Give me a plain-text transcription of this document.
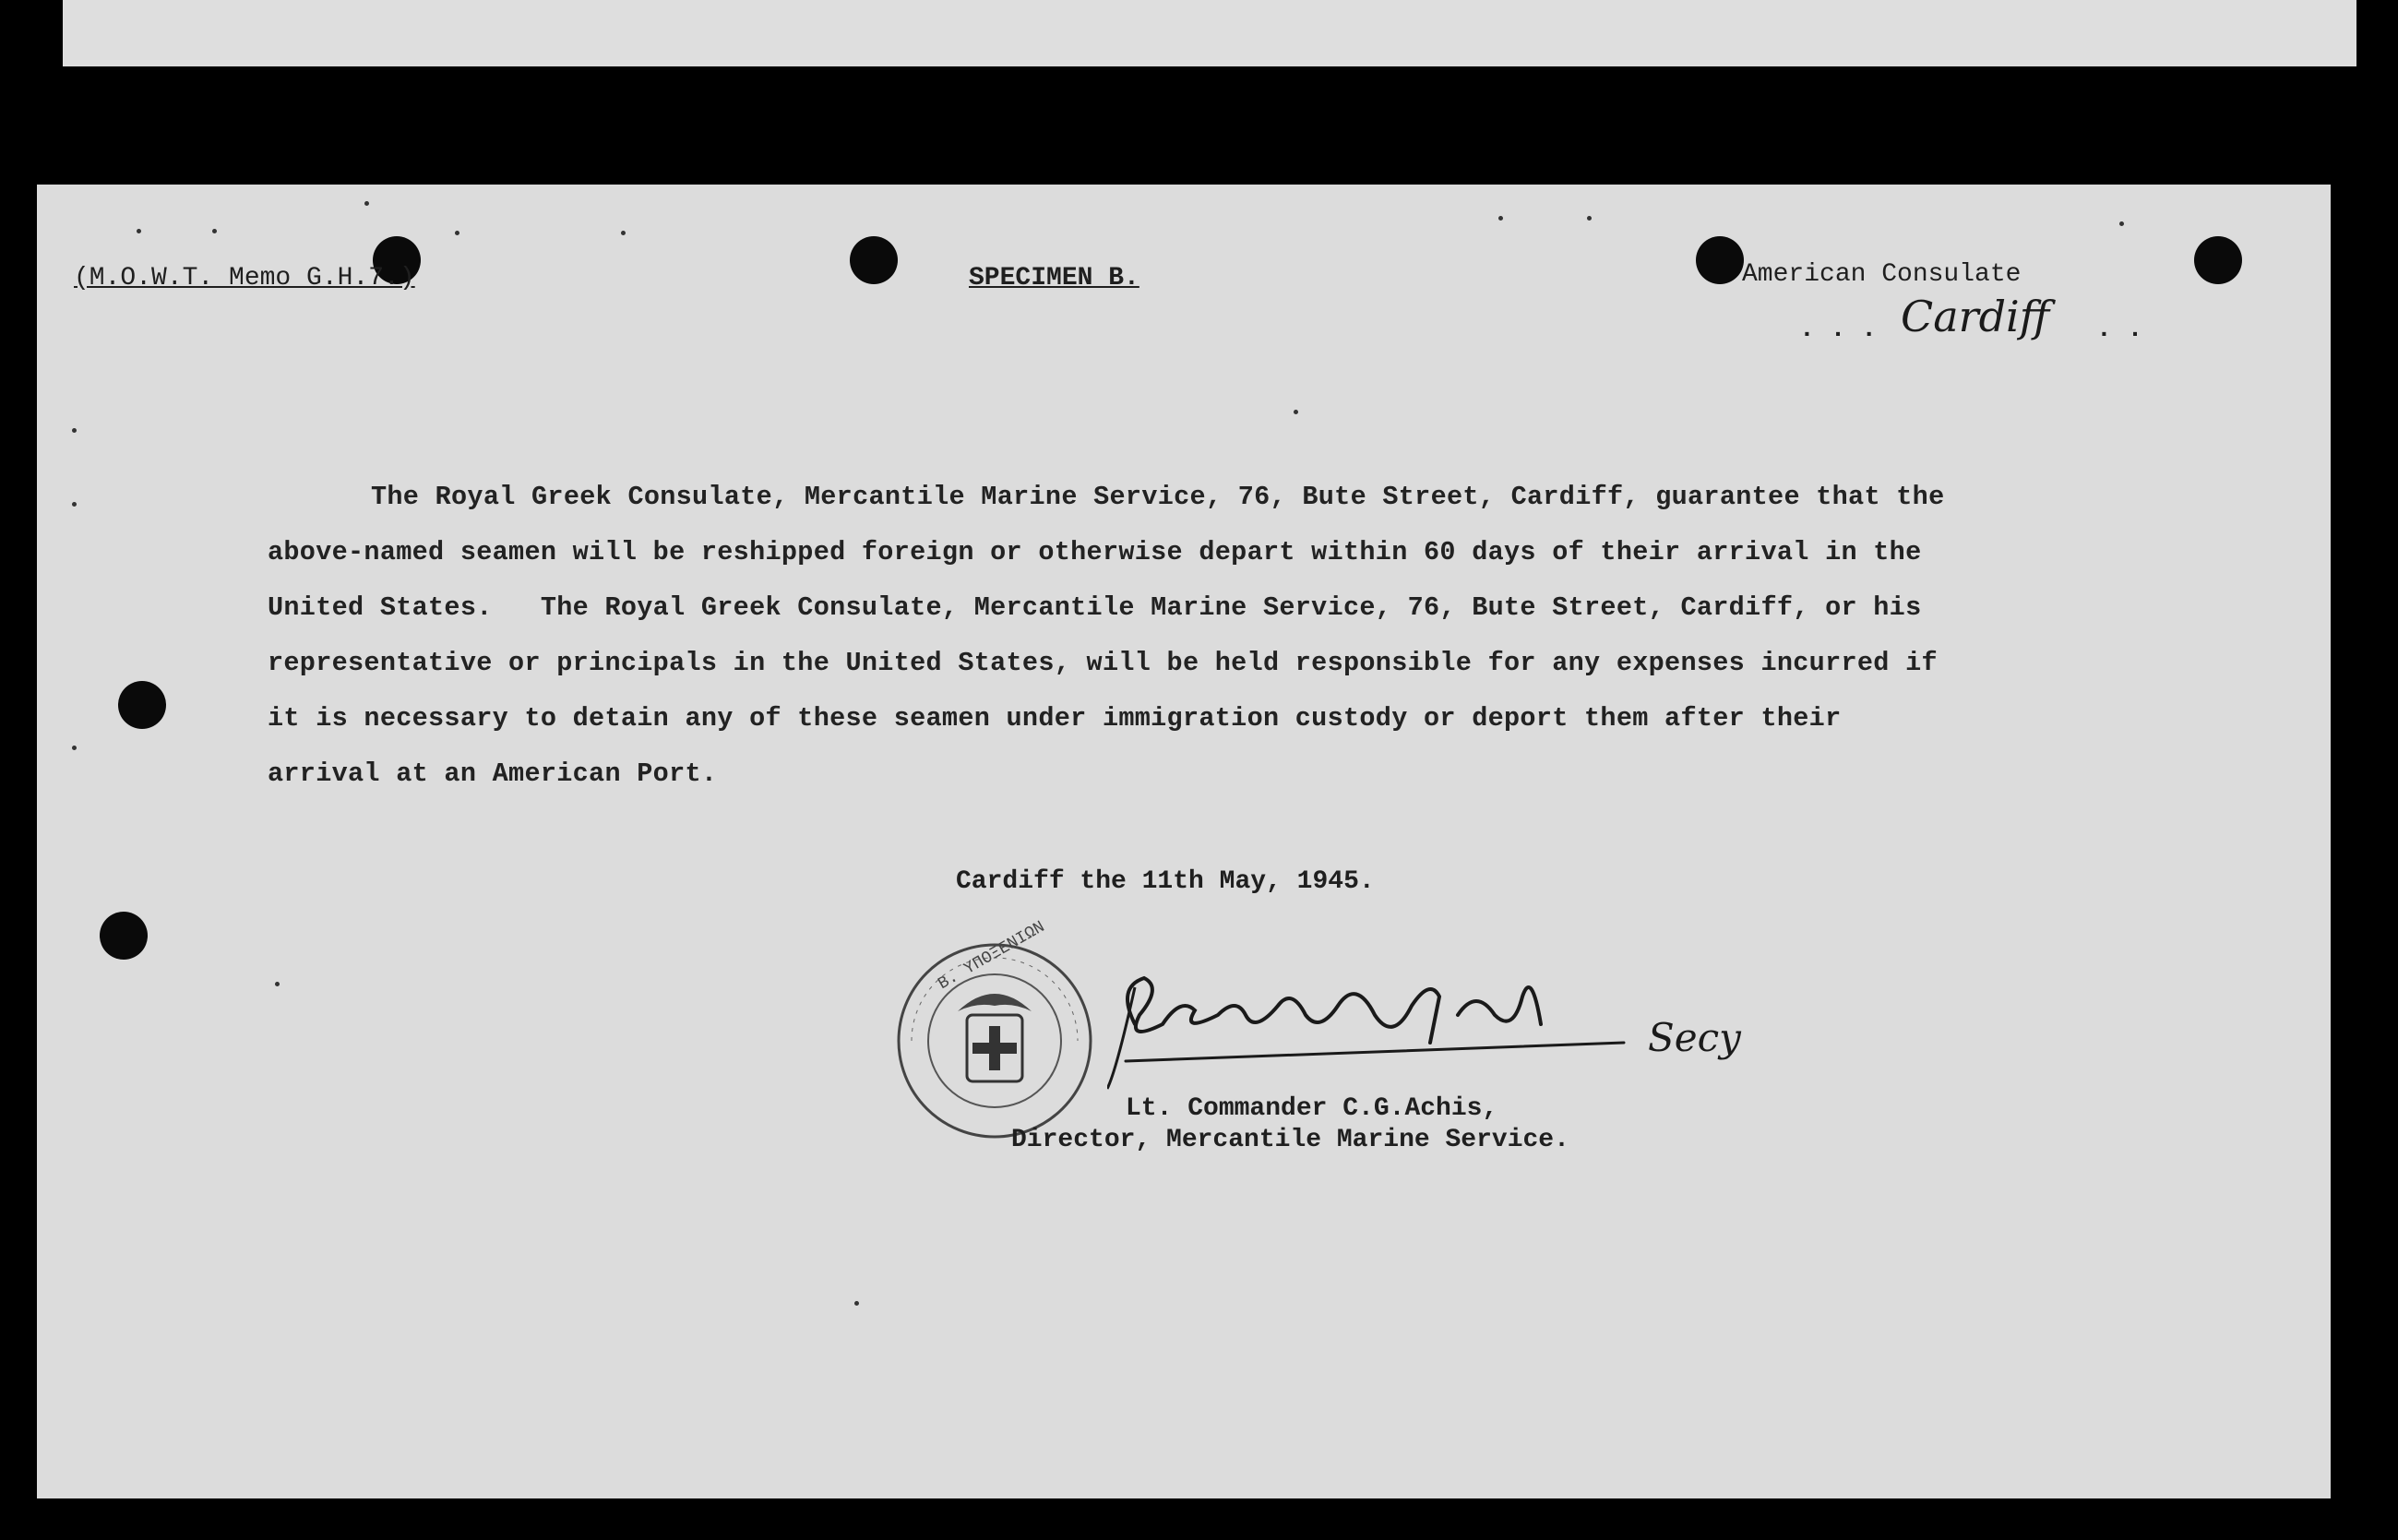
(M.O.W.T. Memo G.H.7.)	SPECIMEN B.	American Consulate
. . . Cardiff . .
The Royal Greek Consulate, Mercantile Marine Service, 76, Bute Street, Cardiff, guarantee that the
above-named seamen will be reshipped foreign or otherwise depart within 60 days of their arrival in the
United States.   The Royal Greek Consulate, Mercantile Marine Service, 76, Bute Street, Cardiff, or his
representative or principals in the United States, will be held responsible for any expenses incurred if
it is necessary to detain any of these seamen under immigration custody or deport them after their
arrival at an American Port.
Cardiff the 11th May, 1945.
B. ΥΠΟΞΕΝΙΩΝ
Secy
Lt. Commander C.G.Achis,
Director, Mercantile Marine Service.
